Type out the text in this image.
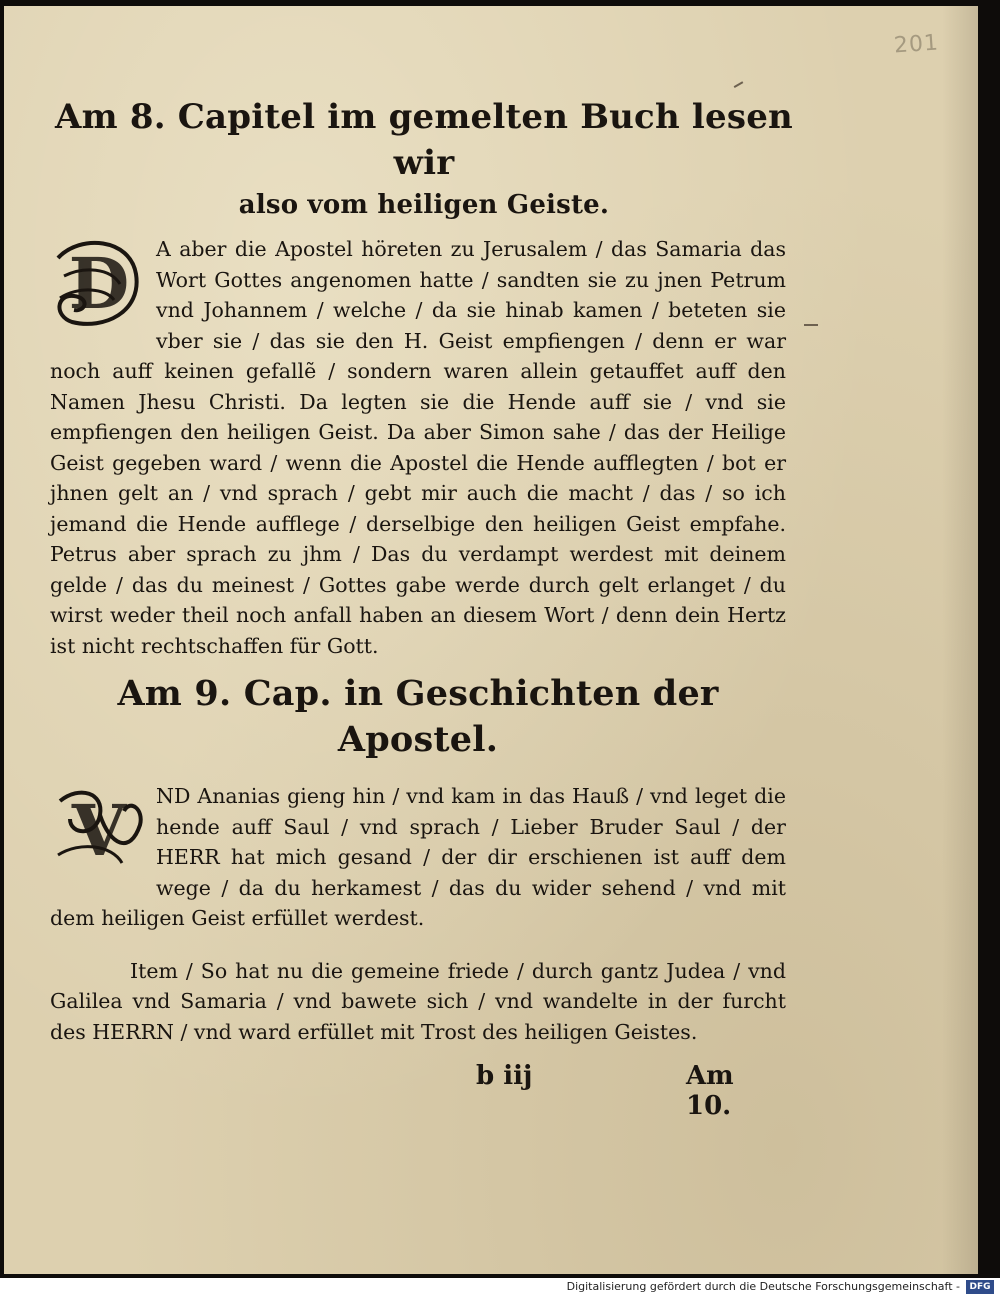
201
Am 8. Capitel im gemelten Buch lesen wir
also vom heiligen Geiste.

D	A aber die Apostel höreten zu Jerusalem / das Samaria das Wort Gottes angenomen hatte / sandten sie zu jnen Petrum vnd Johannem / welche / da sie hinab kamen / beteten sie vber sie / das sie den H. Geist empfiengen / denn er war noch auff keinen gefallẽ / sondern waren allein getauffet auff den Namen Jhesu Christi. Da legten sie die Hende auff sie / vnd sie empfiengen den heiligen Geist. Da aber Simon sahe / das der Heilige Geist gegeben ward / wenn die Apostel die Hende aufflegten / bot er jhnen gelt an / vnd sprach / gebt mir auch die macht / das / so ich jemand die Hende aufflege / derselbige den heiligen Geist empfahe. Petrus aber sprach zu jhm / Das du verdampt werdest mit deinem gelde / das du meinest / Gottes gabe werde durch gelt erlanget / du wirst weder theil noch anfall haben an diesem Wort / denn dein Hertz ist nicht rechtschaffen für Gott.

Am 9. Cap. in Geschichten der Apostel.

V	ND Ananias gieng hin / vnd kam in das Hauß / vnd leget die hende auff Saul / vnd sprach / Lieber Bruder Saul / der HERR hat mich gesand / der dir erschienen ist auff dem wege / da du herkamest / das du wider sehend / vnd mit dem heiligen Geist erfüllet werdest.

Item / So hat nu die gemeine friede / durch gantz Judea / vnd Galilea vnd Samaria / vnd bawete sich / vnd wandelte in der furcht des HERRN / vnd ward erfüllet mit Trost des heiligen Geistes.

b iij	Am 10.
Digitalisierung gefördert durch die Deutsche Forschungsgemeinschaft -	DFG
